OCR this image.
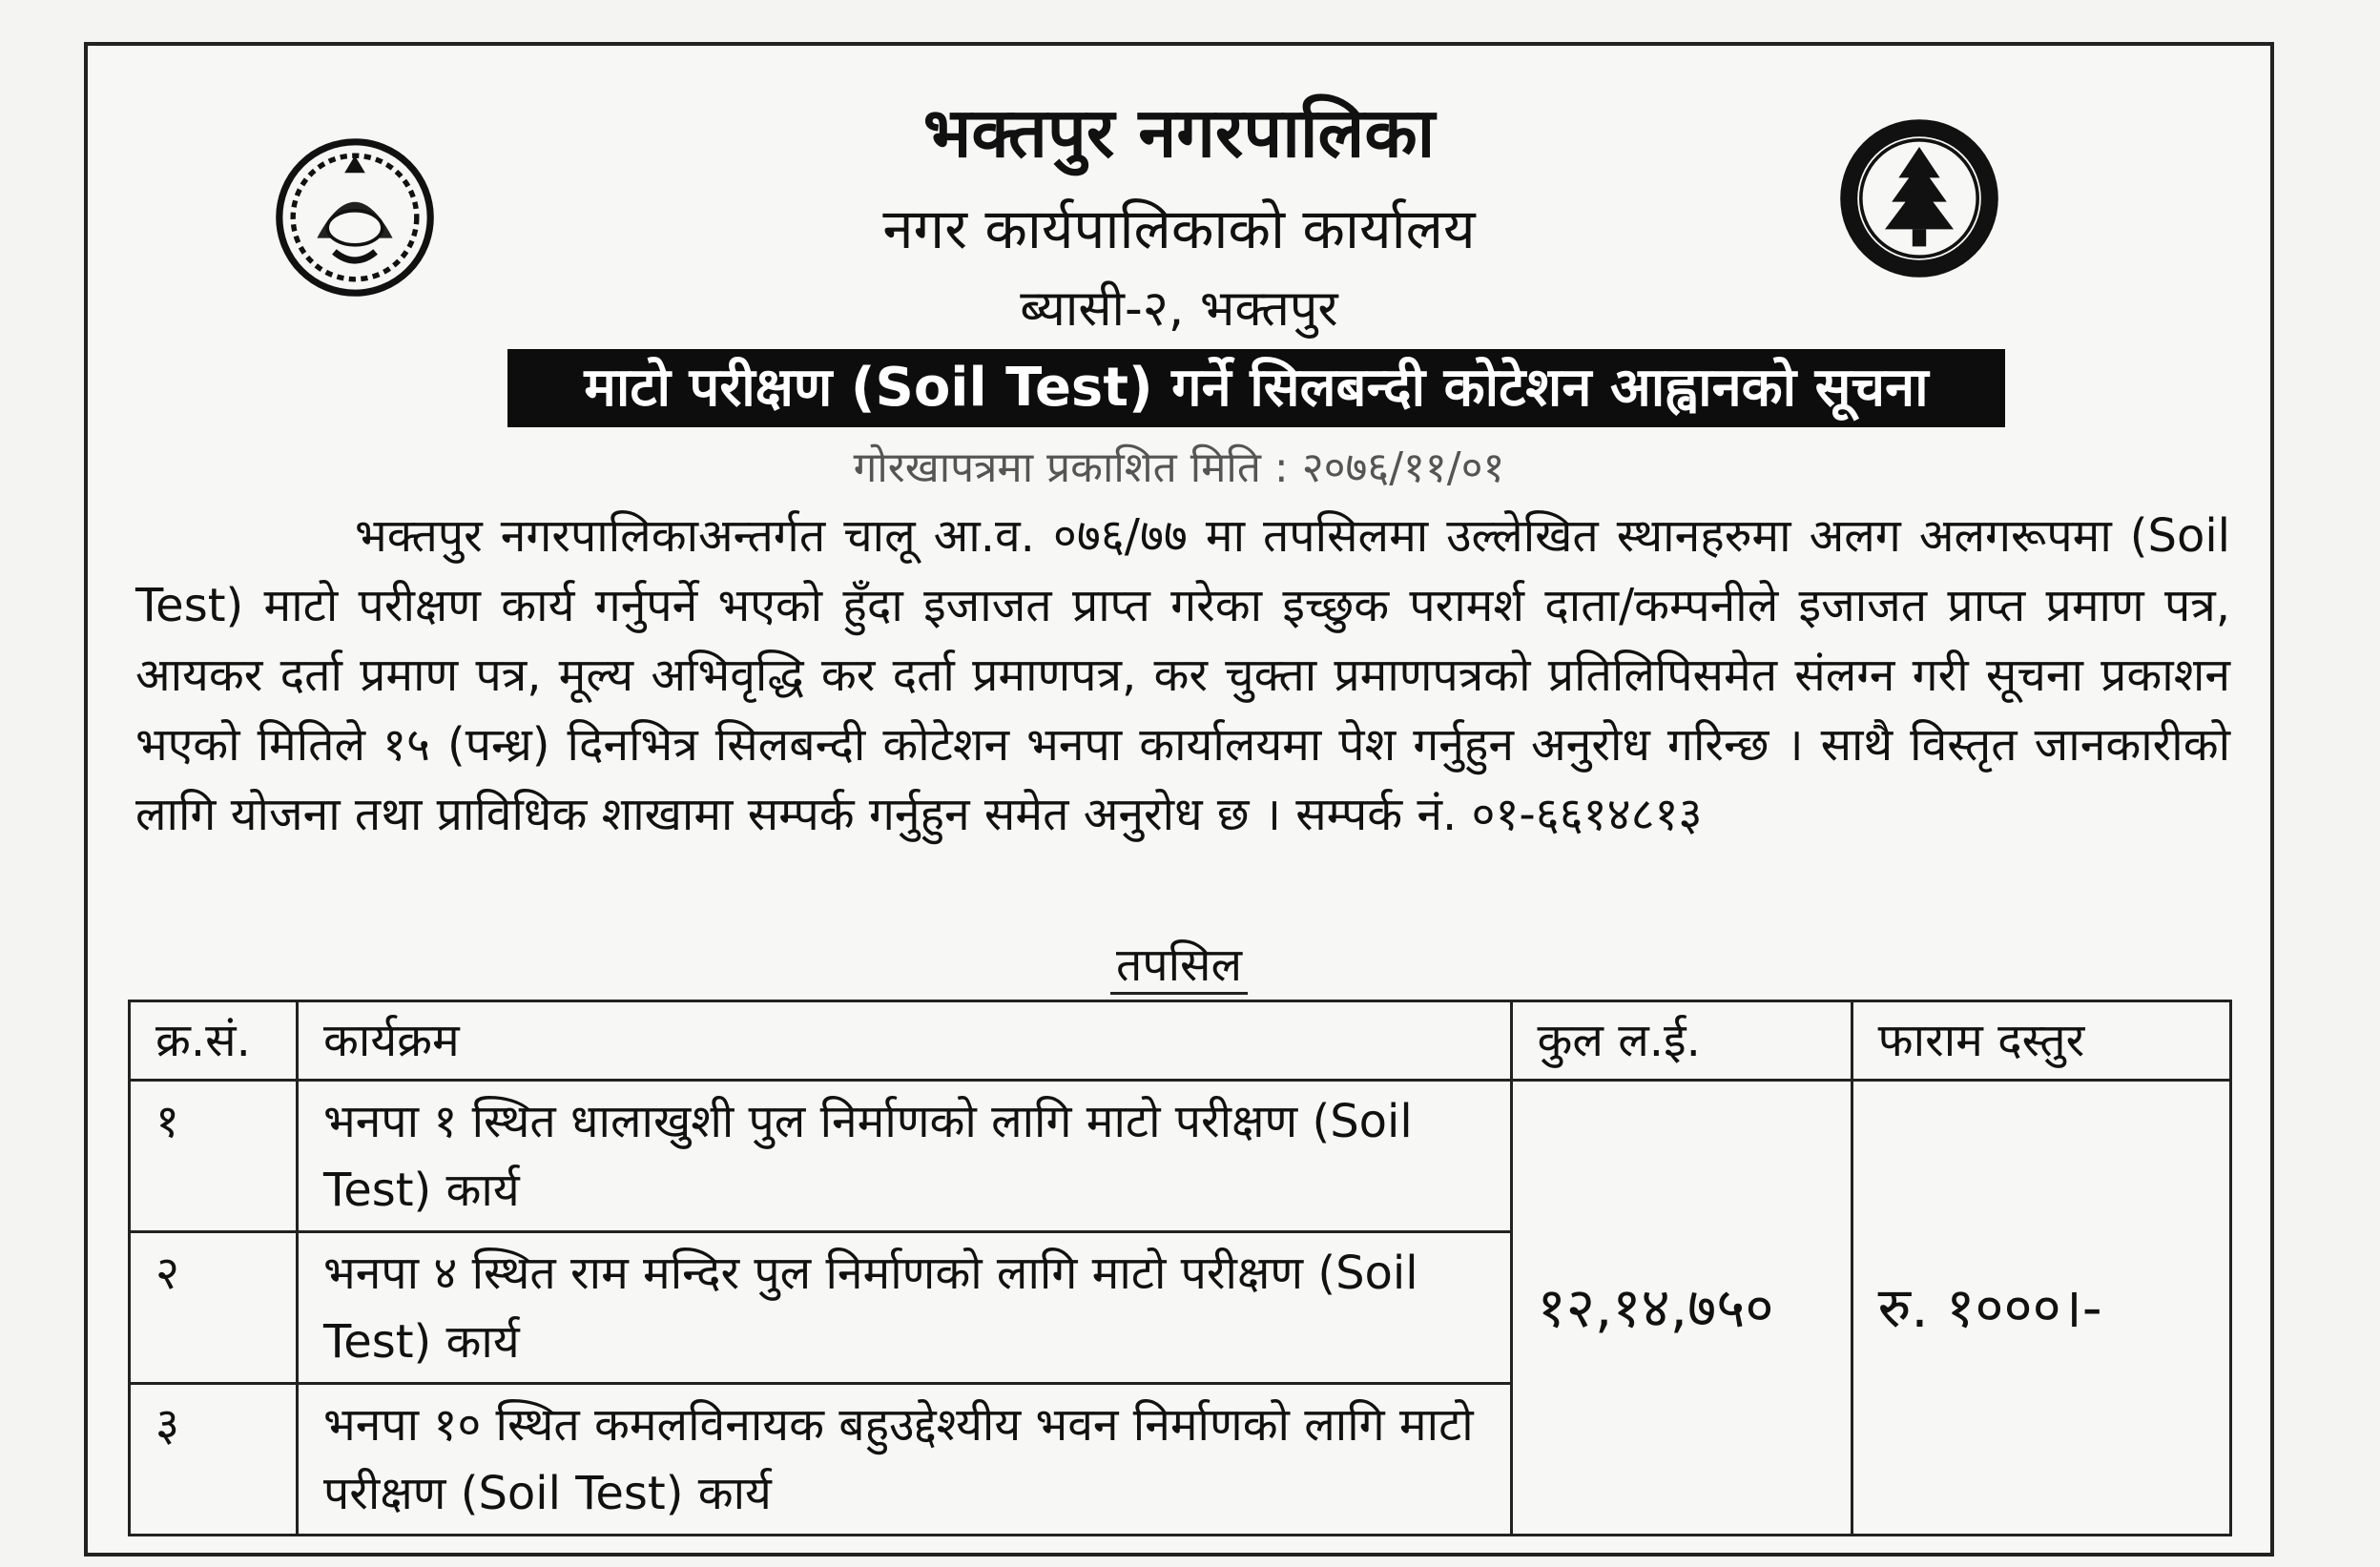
भक्तपुर नगरपालिका
नगर कार्यपालिकाको कार्यालय
ब्यासी-२, भक्तपुर
माटो परीक्षण (Soil Test) गर्ने सिलबन्दी कोटेशन आह्वानको सूचना
गोरखापत्रमा प्रकाशित मिति : २०७६/११/०१
भक्तपुर नगरपालिकाअन्तर्गत चालू आ.व. ०७६/७७ मा तपसिलमा उल्लेखित स्थानहरुमा अलग अलगरूपमा (Soil Test) माटो परीक्षण कार्य गर्नुपर्ने भएको हुँदा इजाजत प्राप्त गरेका इच्छुक परामर्श दाता/कम्पनीले इजाजत प्राप्त प्रमाण पत्र, आयकर दर्ता प्रमाण पत्र, मूल्य अभिवृद्धि कर दर्ता प्रमाणपत्र, कर चुक्ता प्रमाणपत्रको प्रतिलिपिसमेत संलग्न गरी सूचना प्रकाशन भएको मितिले १५ (पन्ध्र) दिनभित्र सिलबन्दी कोटेशन भनपा कार्यालयमा पेश गर्नुहुन अनुरोध गरिन्छ । साथै विस्तृत जानकारीको लागि योजना तथा प्राविधिक शाखामा सम्पर्क गर्नुहुन समेत अनुरोध छ । सम्पर्क नं. ०१-६६१४८१३
तपसिल
क्र.सं.	कार्यक्रम	कुल ल.ई.	फाराम दस्तुर
१	भनपा १ स्थित धालाखुशी पुल निर्माणको लागि माटो परीक्षण (Soil Test) कार्य	१२,१४,७५०	रु. १०००।-
२	भनपा ४ स्थित राम मन्दिर पुल निर्माणको लागि माटो परीक्षण (Soil Test) कार्य		
३	भनपा १० स्थित कमलविनायक बहुउद्देश्यीय भवन निर्माणको लागि माटो परीक्षण (Soil Test) कार्य		
